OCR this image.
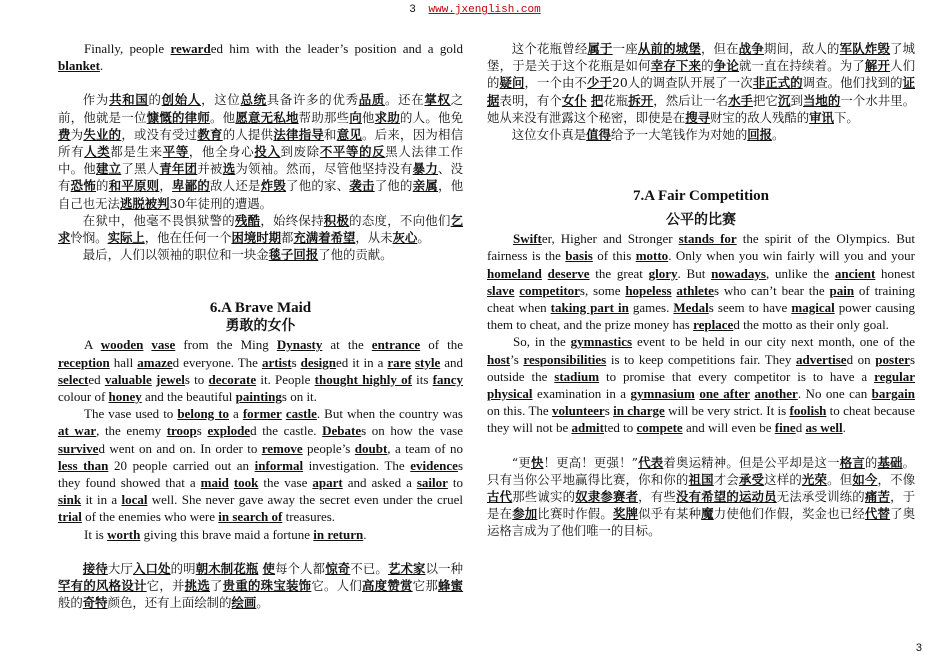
3 www.jxenglish.com

Finally, people rewarded him with the leader’s position and a gold blanket.

作为共和国的创始人，这位总统具备许多的优秀品质。还在掌权之前，他就是一位慷慨的律师。他愿意无私地帮助那些向他求助的人。他免费为失业的，或没有受过教育的人提供法律指导和意见。后来，因为相信所有人类都是生来平等，他全身心投入到废除不平等的反黑人法律工作中。他建立了黑人青年团并被选为领袖。然而，尽管他坚持没有暴力、没有恐怖的和平原则，卑鄙的敌人还是炸毁了他的家、袭击了他的亲属，他自己也无法逃脱被判30年徒刑的遭遇。

在狱中，他毫不畏惧狱警的残酷，始终保持积极的态度，不向他们乞求怜悯。实际上，他在任何一个困境时期都充满着希望，从未灰心。

最后，人们以领袖的职位和一块金毯子回报了他的贡献。

6.A Brave Maid

勇敢的女仆

A wooden vase from the Ming Dynasty at the entrance of the reception hall amazed everyone. The artists designed it in a rare style and selected valuable jewels to decorate it. People thought highly of its fancy colour of honey and the beautiful paintings on it.

The vase used to belong to a former castle. But when the country was at war, the enemy troops exploded the castle. Debates on how the vase survived went on and on. In order to remove people’s doubt, a team of no less than 20 people carried out an informal investigation. The evidences they found showed that a maid took the vase apart and asked a sailor to sink it in a local well. She never gave away the secret even under the cruel trial of the enemies who were in search of treasures.

It is worth giving this brave maid a fortune in return.

接待大厅入口处的明朝木制花瓶 使每个人都惊奇不已。艺术家以一种罕有的风格设计它，并挑选了贵重的珠宝装饰它。人们高度赞赏它那蜂蜜般的奇特颜色，还有上面绘制的绘画。

这个花瓶曾经属于一座从前的城堡，但在战争期间，敌人的军队炸毁了城堡，于是关于这个花瓶是如何幸存下来的争论就一直在持续着。为了解开人们的疑问，一个由不少于20人的调查队开展了一次非正式的调查。他们找到的证据表明，有个女仆 把花瓶拆开，然后让一名水手把它沉到当地的一个水井里。她从来没有泄露这个秘密，即使是在搜寻财宝的敌人残酷的审讯下。

这位女仆真是值得给予一大笔钱作为对她的回报。

7.A Fair Competition

公平的比赛

Swifter, Higher and Stronger stands for the spirit of the Olympics. But fairness is the basis of this motto. Only when you win fairly will you and your homeland deserve the great glory. But nowadays, unlike the ancient honest slave competitors, some hopeless athletes who can’t bear the pain of training cheat when taking part in games. Medals seem to have magical power causing them to cheat, and the prize money has replaced the motto as their only goal.

So, in the gymnastics event to be held in our city next month, one of the host’s responsibilities is to keep competitions fair. They advertised on posters outside the stadium to promise that every competitor is to have a regular physical examination in a gymnasium one after another. No one can bargain on this. The volunteers in charge will be very strict. It is foolish to cheat because they will not be admitted to compete and will even be fined as well.

“更快！更高！更强！”代表着奥运精神。但是公平却是这一格言的基础。只有当你公平地赢得比赛，你和你的祖国才会承受这样的光荣。但如今，不像古代那些诚实的奴隶参赛者，有些没有希望的运动员无法承受训练的痛苦，于是在参加比赛时作假。奖牌似乎有某种魔力使他们作假，奖金也已经代替了奥运格言成为了他们唯一的目标。

3
